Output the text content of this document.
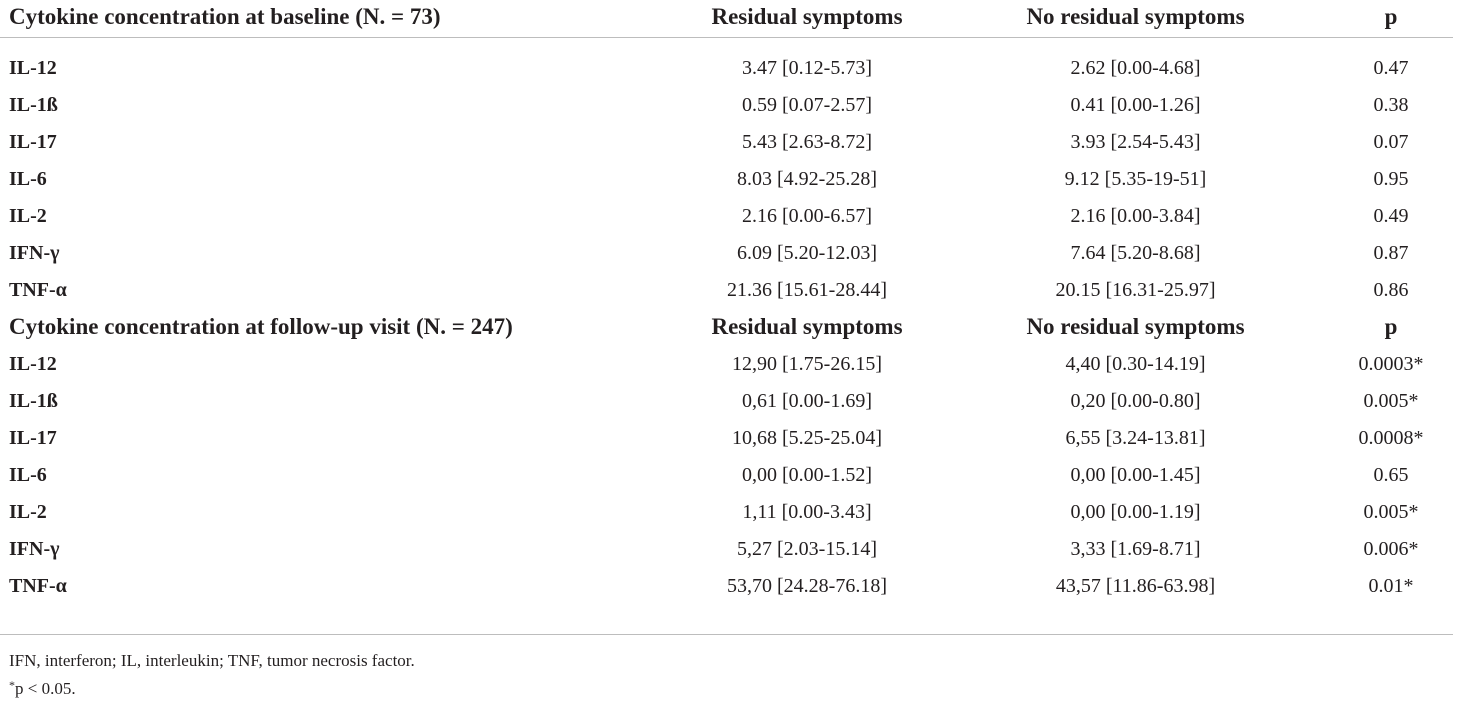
Cytokine concentration at baseline (N. = 73)	Residual symptoms	No residual symptoms	p

IL-12	3.47 [0.12-5.73]	2.62 [0.00-4.68]	0.47
IL-1ß	0.59 [0.07-2.57]	0.41 [0.00-1.26]	0.38
IL-17	5.43 [2.63-8.72]	3.93 [2.54-5.43]	0.07
IL-6	8.03 [4.92-25.28]	9.12 [5.35-19-51]	0.95
IL-2	2.16 [0.00-6.57]	2.16 [0.00-3.84]	0.49
IFN-γ	6.09 [5.20-12.03]	7.64 [5.20-8.68]	0.87
TNF-α	21.36 [15.61-28.44]	20.15 [16.31-25.97]	0.86
Cytokine concentration at follow-up visit (N. = 247)	Residual symptoms	No residual symptoms	p
IL-12	12,90 [1.75-26.15]	4,40 [0.30-14.19]	0.0003*
IL-1ß	0,61 [0.00-1.69]	0,20 [0.00-0.80]	0.005*
IL-17	10,68 [5.25-25.04]	6,55 [3.24-13.81]	0.0008*
IL-6	0,00 [0.00-1.52]	0,00 [0.00-1.45]	0.65
IL-2	1,11 [0.00-3.43]	0,00 [0.00-1.19]	0.005*
IFN-γ	5,27 [2.03-15.14]	3,33 [1.69-8.71]	0.006*
TNF-α	53,70 [24.28-76.18]	43,57 [11.86-63.98]	0.01*
IFN, interferon; IL, interleukin; TNF, tumor necrosis factor.
*p < 0.05.
